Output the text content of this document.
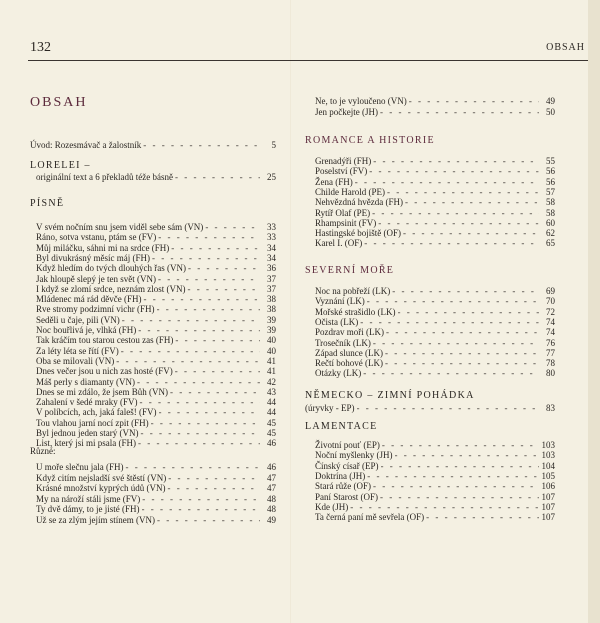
132	OBSAH
OBSAH
Úvod: Rozesmávač a žalostník - - -	5
LORELEI –
originální text a 6 překladů téže básně - - -	25
PÍSNĚ
V svém nočním snu jsem viděl sebe sám (VN) - - -	33
Ráno, sotva vstanu, ptám se (FV) - - -	33
Můj miláčku, sáhni mi na srdce (FH) - - -	34
Byl divukrásný měsíc máj (FH) - - -	34
Když hledím do tvých dlouhých řas (VN) - - -	36
Jak hloupě slepý je ten svět (VN) - - -	37
I když se zlomí srdce, neznám zlost (VN) - - -	37
Mládenec má rád děvče (FH) - - -	38
Rve stromy podzimní vichr (FH) - - -	38
Seděli u čaje, pili (VN) - - -	39
Noc bouřlivá je, vlhká (FH) - - -	39
Tak kráčím tou starou cestou zas (FH) - - -	40
Za léty léta se řítí (FV) - - -	40
Oba se milovali (VN) - - -	41
Dnes večer jsou u nich zas hosté (FV) - - -	41
Máš perly s diamanty (VN) - - -	42
Dnes se mi zdálo, že jsem Bůh (VN) - - -	43
Zahalení v šedé mraky (FV) - - -	44
V políbcích, ach, jaká faleš! (FV) - - -	44
Tou vlahou jarní nocí zpit (FH) - - -	45
Byl jednou jeden starý (VN) - - -	45
List, který jsi mi psala (FH) - - -	46
Různé:
U moře slečnu jala (FH) - - -	46
Když citím nejsladší své štěstí (VN) - - -	47
Krásné množství kyprých údů (VN) - - -	47
My na nároží stáli jsme (FV) - - -	48
Ty dvě dámy, to je jisté (FH) - - -	48
Už se za zlým jejím stínem (VN) - - -	49
Ne, to je vyloučeno (VN) - - -	49
Jen počkejte (JH) - - -	50
ROMANCE A HISTORIE
Grenadýři (FH) - - -	55
Poselství (FV) - - -	56
Žena (FH) - - -	56
Childe Harold (PE) - - -	57
Nehvězdná hvězda (FH) - - -	58
Rytíř Olaf (PE) - - -	58
Rhampsinit (FV) - - -	60
Hastingské bojiště (OF) - - -	62
Karel I. (OF) - - -	65
SEVERNÍ MOŘE
Noc na pobřeží (LK) - - -	69
Vyznání (LK) - - -	70
Mořské strašidlo (LK) - - -	72
Očista (LK) - - -	74
Pozdrav moři (LK) - - -	74
Trosečník (LK) - - -	76
Západ slunce (LK) - - -	77
Rečtí bohové (LK) - - -	78
Otázky (LK) - - -	80
NĚMECKO – ZIMNÍ POHÁDKA
(úryvky - EP) - - -	83
LAMENTACE
Životní pouť (EP) - - -	103
Noční myšlenky (JH) - - -	103
Čínský císař (EP) - - -	104
Doktrína (JH) - - -	105
Stará růže (OF) - - -	106
Paní Starost (OF) - - -	107
Kde (JH) - - -	107
Ta černá paní mě sevřela (OF) - - -	107
